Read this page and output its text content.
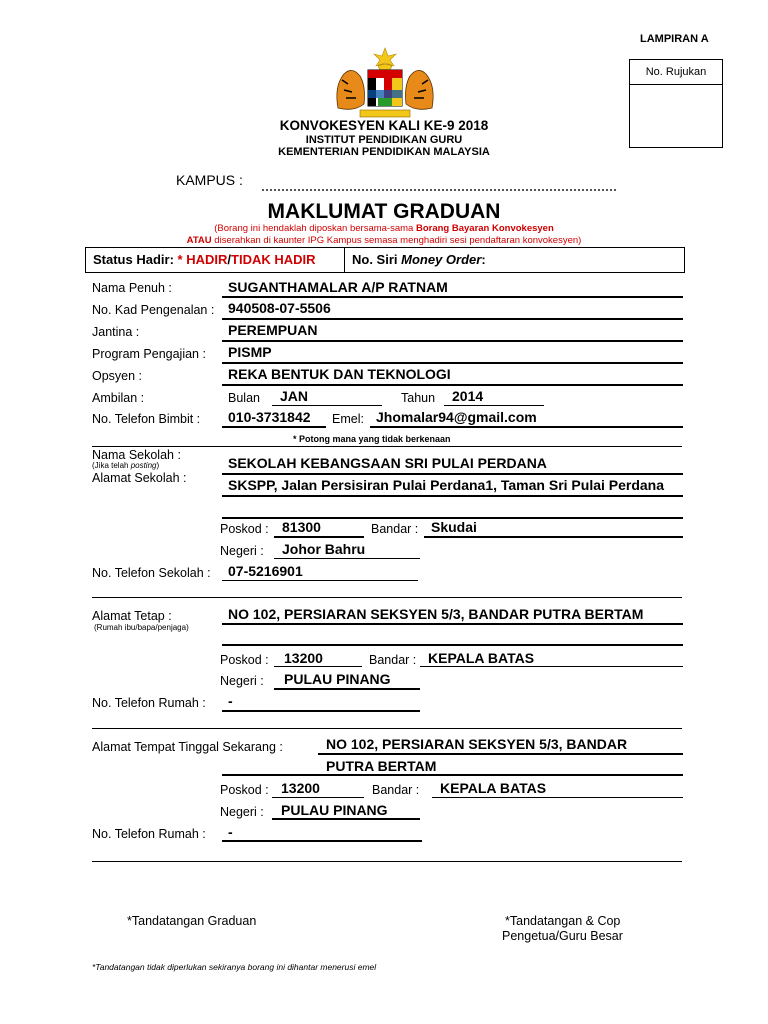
LAMPIRAN A
No. Rujukan
KONVOKESYEN KALI KE-9 2018
INSTITUT PENDIDIKAN GURU
KEMENTERIAN PENDIDIKAN MALAYSIA
KAMPUS :
MAKLUMAT GRADUAN
(Borang ini hendaklah diposkan bersama-sama Borang Bayaran Konvokesyen
ATAU diserahkan di kaunter IPG Kampus semasa menghadiri sesi pendaftaran konvokesyen)
Status Hadir: * HADIR/TIDAK HADIR	No. Siri Money Order:
Nama Penuh :	SUGANTHAMALAR A/P RATNAM
No. Kad Pengenalan : 940508-07-5506
Jantina :	PEREMPUAN
Program Pengajian : PISMP
Opsyen :	REKA BENTUK DAN TEKNOLOGI
Ambilan :	Bulan JAN	Tahun 2014
No. Telefon Bimbit : 010-3731842 Emel: Jhomalar94@gmail.com
* Potong mana yang tidak berkenaan
Nama Sekolah :
(Jika telah posting)
Alamat Sekolah :
SEKOLAH KEBANGSAAN SRI PULAI PERDANA
SKSPP, Jalan Persisiran Pulai Perdana1, Taman Sri Pulai Perdana
Poskod : 81300	Bandar : Skudai
Negeri : Johor Bahru
No. Telefon Sekolah : 07-5216901
Alamat Tetap :
(Rumah ibu/bapa/penjaga)
NO 102, PERSIARAN SEKSYEN 5/3, BANDAR PUTRA BERTAM
Poskod : 13200	Bandar : KEPALA BATAS
Negeri : PULAU PINANG
No. Telefon Rumah : -
Alamat Tempat Tinggal Sekarang :	NO 102, PERSIARAN SEKSYEN 5/3, BANDAR
PUTRA BERTAM
Poskod : 13200	Bandar : KEPALA BATAS
Negeri : PULAU PINANG
No. Telefon Rumah : -
*Tandatangan Graduan	*Tandatangan & Cop
Pengetua/Guru Besar
*Tandatangan tidak diperlukan sekiranya borang ini dihantar menerusi emel
